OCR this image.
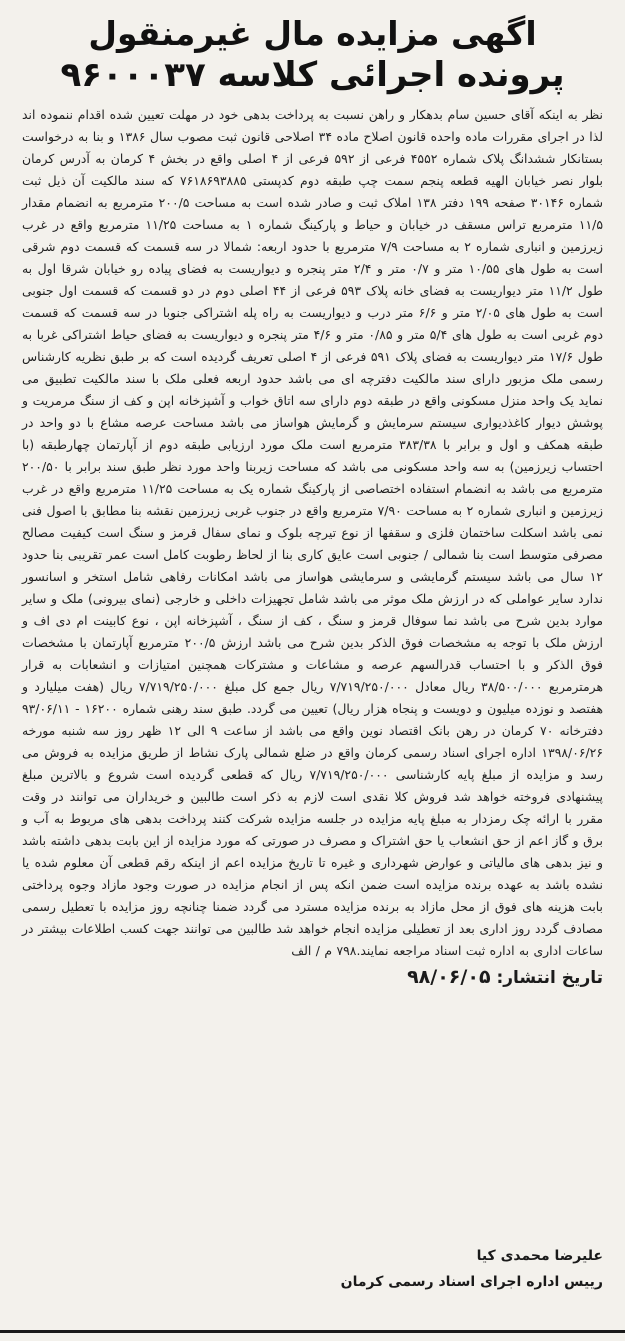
اگهی مزایده مال غیرمنقول
پرونده اجرائی کلاسه ۹۶۰۰۰۳۷

نظر به اینکه آقای حسین سام بدهکار و راهن نسبت به پرداخت بدهی خود در مهلت تعیین شده اقدام ننموده اند لذا در اجرای مقررات ماده واحده قانون اصلاح ماده ۳۴ اصلاحی قانون ثبت مصوب سال ۱۳۸۶ و بنا به درخواست بستانکار ششدانگ پلاک شماره ۴۵۵۲ فرعی از ۵۹۲ فرعی از ۴ اصلی واقع در بخش ۴ کرمان به آدرس کرمان بلوار نصر خیابان الهیه قطعه پنجم سمت چپ طبقه دوم کدپستی ۷۶۱۸۶۹۳۸۸۵ که سند مالکیت آن ذیل ثبت شماره ۳۰۱۴۶ صفحه ۱۹۹ دفتر ۱۳۸ املاک ثبت و صادر شده است به مساحت ۲۰۰/۵ مترمربع به انضمام مقدار ۱۱/۵ مترمربع تراس مسقف در خیابان و حیاط و پارکینگ شماره ۱ به مساحت ۱۱/۲۵ مترمربع واقع در غرب زیرزمین و انباری شماره ۲ به مساحت ۷/۹ مترمربع با حدود اربعه: شمالا در سه قسمت که قسمت دوم شرقی است به طول های ۱۰/۵۵ متر و ۰/۷ متر و ۲/۴ متر پنجره و دیواریست به فضای پیاده رو خیابان شرقا اول به طول ۱۱/۲ متر دیواریست به فضای خانه پلاک ۵۹۳ فرعی از ۴۴ اصلی دوم در دو قسمت که قسمت اول جنوبی است به طول های ۲/۰۵ متر و ۶/۶ متر درب و دیواریست به راه پله اشتراکی جنوبا در سه قسمت که قسمت دوم غربی است به طول های ۵/۴ متر و ۰/۸۵ متر و ۴/۶ متر پنجره و دیواریست به فضای حیاط اشتراکی غربا به طول ۱۷/۶ متر دیواریست به فضای پلاک ۵۹۱ فرعی از ۴ اصلی تعریف گردیده است که بر طبق نظریه کارشناس رسمی ملک مزبور دارای سند مالکیت دفترچه ای می باشد حدود اربعه فعلی ملک با سند مالکیت تطبیق می نماید یک واحد منزل مسکونی واقع در طبقه دوم دارای سه اتاق خواب و آشپزخانه اپن و کف از سنگ مرمریت و پوشش دیوار کاغذدیواری سیستم سرمایش و گرمایش هواساز می باشد مساحت عرصه مشاع با دو واحد در طبقه همکف و اول و برابر با ۳۸۳/۳۸ مترمربع است ملک مورد ارزیابی طبقه دوم از آپارتمان چهارطبقه (با احتساب زیرزمین) به سه واحد مسکونی می باشد که مساحت زیربنا واحد مورد نظر طبق سند برابر با ۲۰۰/۵۰ مترمربع می باشد به انضمام استفاده اختصاصی از پارکینگ شماره یک به مساحت ۱۱/۲۵ مترمربع واقع در غرب زیرزمین و انباری شماره ۲ به مساحت ۷/۹۰ مترمربع واقع در جنوب غربی زیرزمین نقشه بنا مطابق با اصول فنی نمی باشد اسکلت ساختمان فلزی و سقفها از نوع تیرچه بلوک و نمای سفال قرمز و سنگ است کیفیت مصالح مصرفی متوسط است بنا شمالی / جنوبی است عایق کاری بنا از لحاظ رطوبت کامل است عمر تقریبی بنا حدود ۱۲ سال می باشد سیستم گرمایشی و سرمایشی هواساز می باشد امکانات رفاهی شامل استخر و اسانسور ندارد سایر عواملی که در ارزش ملک موثر می باشد شامل تجهیزات داخلی و خارجی (نمای بیرونی) ملک و سایر موارد بدین شرح می باشد نما سوفال قرمز و سنگ ، کف از سنگ ، آشپزخانه اپن ، نوع کابینت ام دی اف و ارزش ملک با توجه به مشخصات فوق الذکر بدین شرح می باشد ارزش ۲۰۰/۵ مترمربع آپارتمان با مشخصات فوق الذکر و با احتساب قدرالسهم عرصه و مشاعات و مشترکات همچنین امتیازات و انشعابات به قرار هرمترمربع ۳۸/۵۰۰/۰۰۰ ریال معادل ۷/۷۱۹/۲۵۰/۰۰۰ ریال جمع کل مبلغ ۷/۷۱۹/۲۵۰/۰۰۰ ریال (هفت میلیارد و هفتصد و نوزده میلیون و دویست و پنجاه هزار ریال) تعیین می گردد. طبق سند رهنی شماره ۱۶۲۰۰ - ۹۳/۰۶/۱۱ دفترخانه ۷۰ کرمان در رهن بانک اقتصاد نوین واقع می باشد از ساعت ۹ الی ۱۲ ظهر روز سه شنبه مورخه ۱۳۹۸/۰۶/۲۶ اداره اجرای اسناد رسمی کرمان واقع در ضلع شمالی پارک نشاط از طریق مزایده به فروش می رسد و مزایده از مبلغ پایه کارشناسی ۷/۷۱۹/۲۵۰/۰۰۰ ریال که قطعی گردیده است شروع و بالاترین مبلغ پیشنهادی فروخته خواهد شد فروش کلا نقدی است لازم به ذکر است طالبین و خریداران می توانند در وقت مقرر با ارائه چک رمزدار به مبلغ پایه مزایده در جلسه مزایده شرکت کنند پرداخت بدهی های مربوط به آب و برق و گاز اعم از حق انشعاب یا حق اشتراک و مصرف در صورتی که مورد مزایده از این بابت بدهی داشته باشد و نیز بدهی های مالیاتی و عوارض شهرداری و غیره تا تاریخ مزایده اعم از اینکه رقم قطعی آن معلوم شده یا نشده باشد به عهده برنده مزایده است ضمن انکه پس از انجام مزایده در صورت وجود مازاد وجوه پرداختی بابت هزینه های فوق از محل مازاد به برنده مزایده مسترد می گردد ضمنا چنانچه روز مزایده با تعطیل رسمی مصادف گردد روز اداری بعد از تعطیلی مزایده انجام خواهد شد طالبین می توانند جهت کسب اطلاعات بیشتر در ساعات اداری به اداره ثبت اسناد مراجعه نمایند.۷۹۸ م / الف

تاریخ انتشار: ۹۸/۰۶/۰۵

علیرضا محمدی کیا
رییس اداره اجرای اسناد رسمی کرمان
